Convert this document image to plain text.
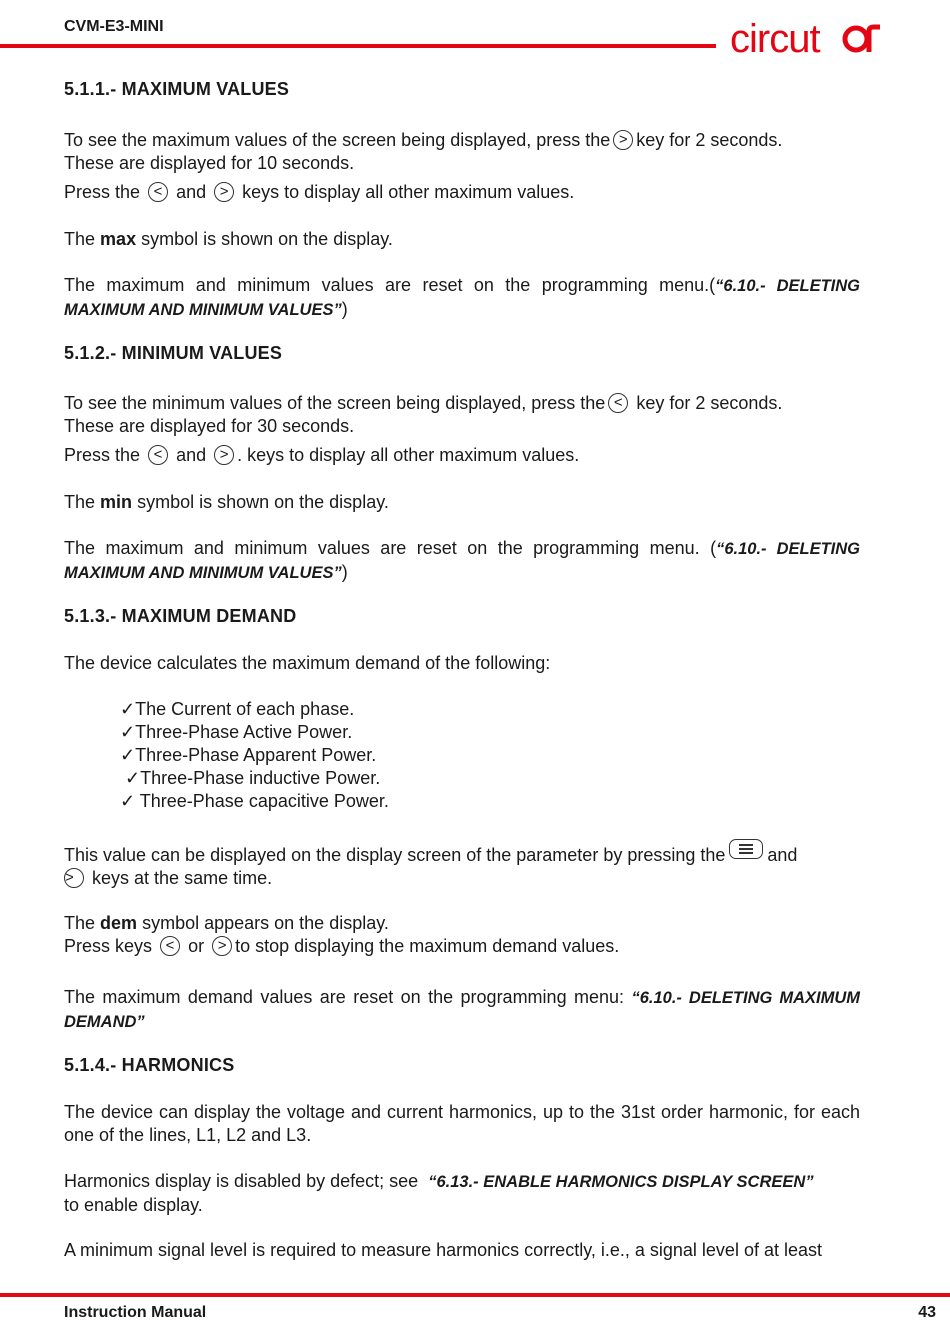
CVM-E3-MINI	circut
5.1.1.- MAXIMUM VALUES
To see the maximum values of the screen being displayed, press the > key for 2 seconds.
These are displayed for 10 seconds.
Press the < and > keys to display all other maximum values.
The max symbol is shown on the display.
The maximum and minimum values are reset on the programming menu.(“6.10.- DELETING MAXIMUM AND MINIMUM VALUES”)
5.1.2.- MINIMUM VALUES
To see the minimum values of the screen being displayed, press the < key for 2 seconds.
These are displayed for 30 seconds.
Press the < and > . keys to display all other maximum values.
The min symbol is shown on the display.
The maximum and minimum values are reset on the programming menu. (“6.10.- DELETING MAXIMUM AND MINIMUM VALUES”)
5.1.3.- MAXIMUM DEMAND
The device calculates the maximum demand of the following:
✓The Current of each phase.
✓Three-Phase Active Power.
✓Three-Phase Apparent Power.
✓Three-Phase inductive Power.
✓ Three-Phase capacitive Power.
This value can be displayed on the display screen of the parameter by pressing the and
> keys at the same time.
The dem symbol appears on the display.
Press keys < or > to stop displaying the maximum demand values.
The maximum demand values are reset on the programming menu: “6.10.- DELETING MAXIMUM DEMAND”
5.1.4.- HARMONICS
The device can display the voltage and current harmonics, up to the 31st order harmonic, for each one of the lines, L1, L2 and L3.
Harmonics display is disabled by defect; see “6.13.- ENABLE HARMONICS DISPLAY SCREEN”
to enable display.
A minimum signal level is required to measure harmonics correctly, i.e., a signal level of at least
Instruction Manual	43
